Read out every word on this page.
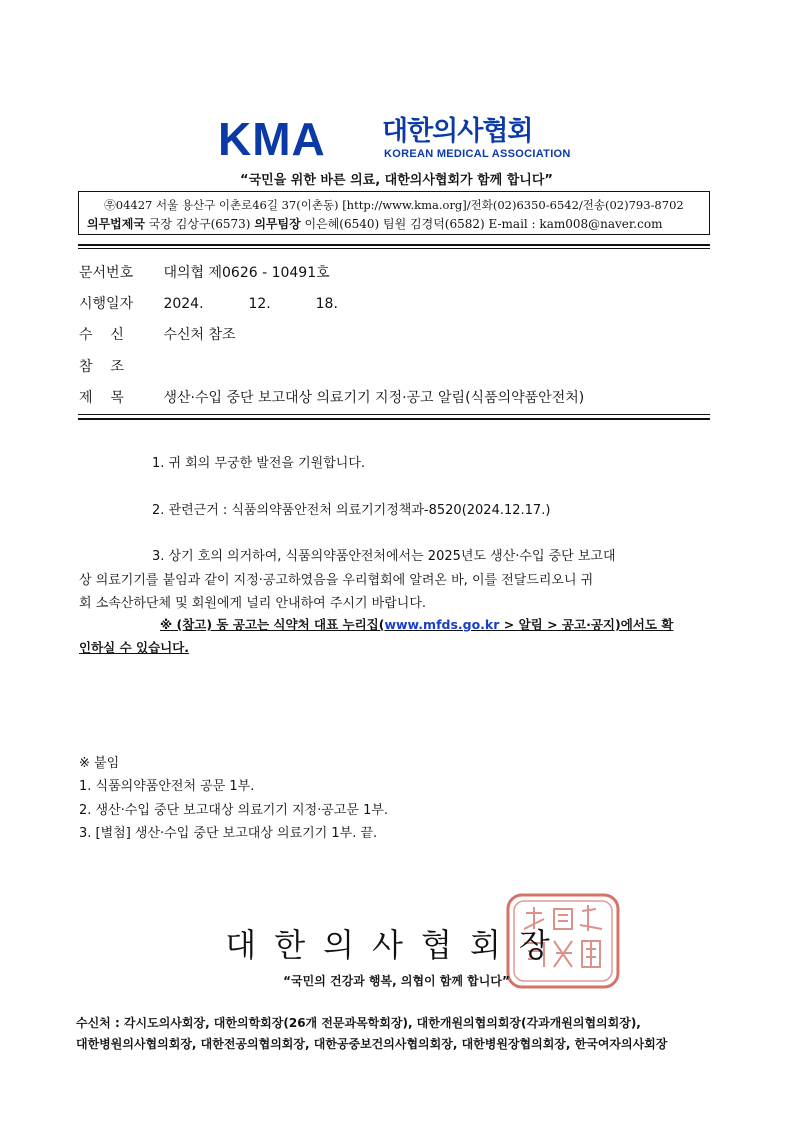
KMA 대한의사협회
KOREAN MEDICAL ASSOCIATION
“국민을 위한 바른 의료, 대한의사협회가 함께 합니다”
㉾04427 서울 용산구 이촌로46길 37(이촌동) [http://www.kma.org]/전화(02)6350-6542/전송(02)793-8702
의무법제국 국장 김상구(6573) 의무팀장 이은혜(6540) 팀원 김경덕(6582) E-mail : kam008@naver.com
문서번호 대의협 제0626 - 10491호
시행일자 2024.	12.	18.
수    신	수신처 참조
참    조
제    목	생산·수입 중단 보고대상 의료기기 지정·공고 알림(식품의약품안전처)
1. 귀 회의 무궁한 발전을 기원합니다.
2. 관련근거 : 식품의약품안전처 의료기기정책과-8520(2024.12.17.)
3. 상기 호의 의거하여, 식품의약품안전처에서는 2025년도 생산·수입 중단 보고대
상 의료기기를 붙임과 같이 지정·공고하였음을 우리협회에 알려온 바, 이를 전달드리오니 귀
회 소속산하단체 및 회원에게 널리 안내하여 주시기 바랍니다.
※ (참고) 동 공고는 식약처 대표 누리집(www.mfds.go.kr > 알림 > 공고·공지)에서도 확
인하실 수 있습니다.
※ 붙임
1. 식품의약품안전처 공문 1부.
2. 생산·수입 중단 보고대상 의료기기 지정·공고문 1부.
3. [별첨] 생산·수입 중단 보고대상 의료기기 1부. 끝.
대한의사협회장
“국민의 건강과 행복, 의협이 함께 합니다”
수신처 : 각시도의사회장, 대한의학회장(26개 전문과목학회장), 대한개원의협의회장(각과개원의협의회장),
대한병원의사협의회장, 대한전공의협의회장, 대한공중보건의사협의회장, 대한병원장협의회장, 한국여자의사회장
